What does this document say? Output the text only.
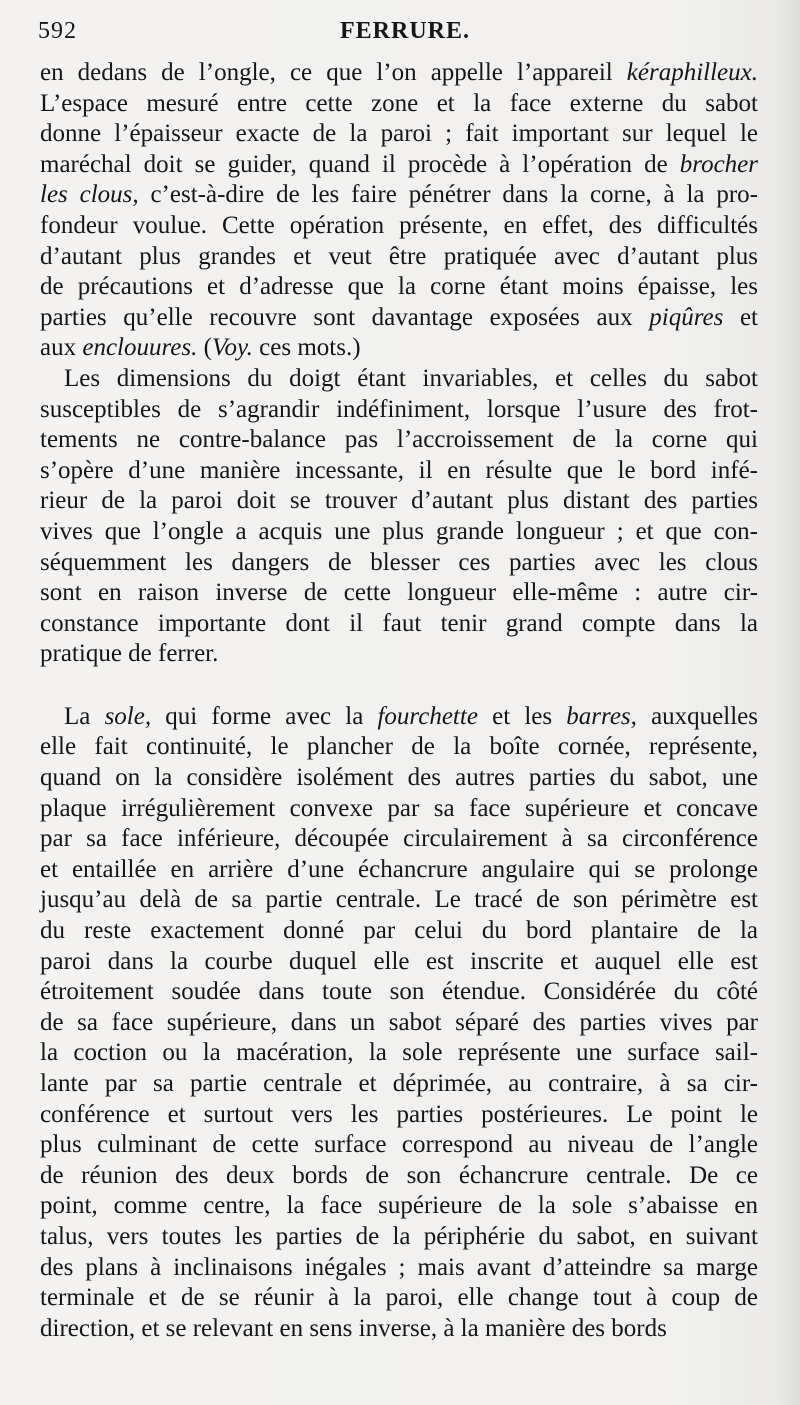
592	FERRURE.
en dedans de l’ongle, ce que l’on appelle l’appareil kéraphilleux.
L’espace mesuré entre cette zone et la face externe du sabot
donne l’épaisseur exacte de la paroi ; fait important sur lequel le
maréchal doit se guider, quand il procède à l’opération de brocher
les clous, c’est-à-dire de les faire pénétrer dans la corne, à la pro-
fondeur voulue. Cette opération présente, en effet, des difficultés
d’autant plus grandes et veut être pratiquée avec d’autant plus
de précautions et d’adresse que la corne étant moins épaisse, les
parties qu’elle recouvre sont davantage exposées aux piqûres et
aux enclouures. (Voy. ces mots.)
Les dimensions du doigt étant invariables, et celles du sabot
susceptibles de s’agrandir indéfiniment, lorsque l’usure des frot-
tements ne contre-balance pas l’accroissement de la corne qui
s’opère d’une manière incessante, il en résulte que le bord infé-
rieur de la paroi doit se trouver d’autant plus distant des parties
vives que l’ongle a acquis une plus grande longueur ; et que con-
séquemment les dangers de blesser ces parties avec les clous
sont en raison inverse de cette longueur elle-même : autre cir-
constance importante dont il faut tenir grand compte dans la
pratique de ferrer.
La sole, qui forme avec la fourchette et les barres, auxquelles
elle fait continuité, le plancher de la boîte cornée, représente,
quand on la considère isolément des autres parties du sabot, une
plaque irrégulièrement convexe par sa face supérieure et concave
par sa face inférieure, découpée circulairement à sa circonférence
et entaillée en arrière d’une échancrure angulaire qui se prolonge
jusqu’au delà de sa partie centrale. Le tracé de son périmètre est
du reste exactement donné par celui du bord plantaire de la
paroi dans la courbe duquel elle est inscrite et auquel elle est
étroitement soudée dans toute son étendue. Considérée du côté
de sa face supérieure, dans un sabot séparé des parties vives par
la coction ou la macération, la sole représente une surface sail-
lante par sa partie centrale et déprimée, au contraire, à sa cir-
conférence et surtout vers les parties postérieures. Le point le
plus culminant de cette surface correspond au niveau de l’angle
de réunion des deux bords de son échancrure centrale. De ce
point, comme centre, la face supérieure de la sole s’abaisse en
talus, vers toutes les parties de la périphérie du sabot, en suivant
des plans à inclinaisons inégales ; mais avant d’atteindre sa marge
terminale et de se réunir à la paroi, elle change tout à coup de
direction, et se relevant en sens inverse, à la manière des bords
